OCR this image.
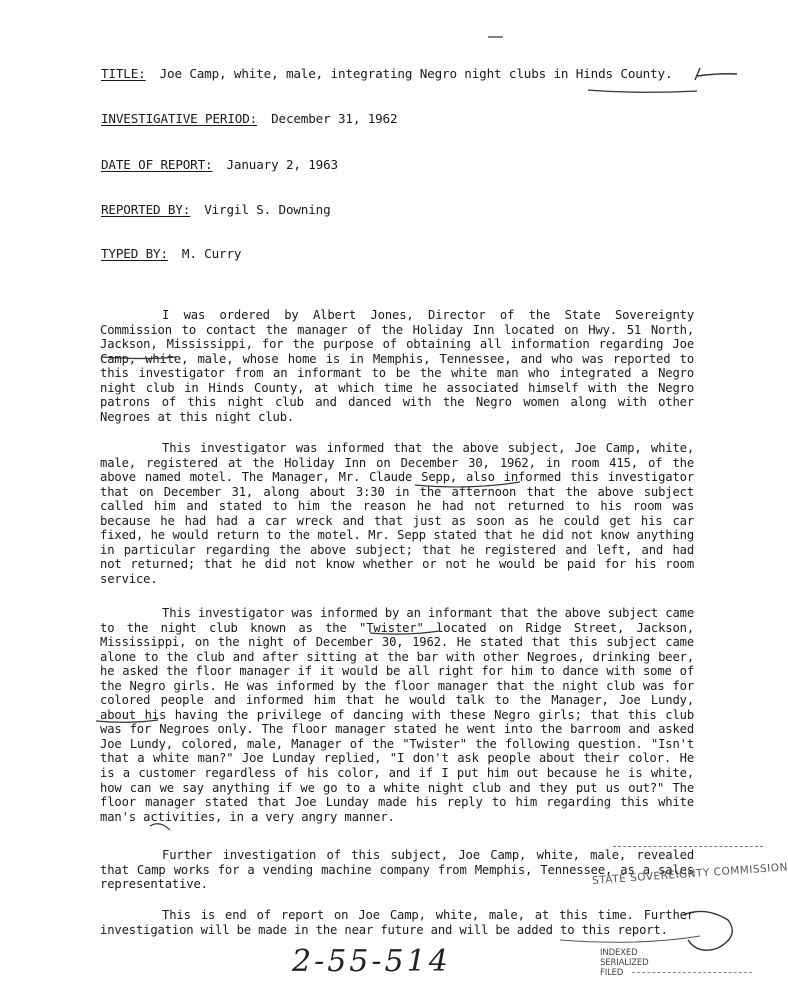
TITLE: Joe Camp, white, male, integrating Negro night clubs in Hinds County.
INVESTIGATIVE PERIOD: December 31, 1962
DATE OF REPORT: January 2, 1963
REPORTED BY: Virgil S. Downing
TYPED BY: M. Curry

I was ordered by Albert Jones, Director of the State Sovereignty Commission to contact the manager of the Holiday Inn located on Hwy. 51 North, Jackson, Mississippi, for the purpose of obtaining all information regarding Joe Camp, white, male, whose home is in Memphis, Tennessee, and who was reported to this investigator from an informant to be the white man who integrated a Negro night club in Hinds County, at which time he associated himself with the Negro patrons of this night club and danced with the Negro women along with other Negroes at this night club.

This investigator was informed that the above subject, Joe Camp, white, male, registered at the Holiday Inn on December 30, 1962, in room 415, of the above named motel. The Manager, Mr. Claude Sepp, also informed this investigator that on December 31, along about 3:30 in the afternoon that the above subject called him and stated to him the reason he had not returned to his room was because he had had a car wreck and that just as soon as he could get his car fixed, he would return to the motel. Mr. Sepp stated that he did not know anything in particular regarding the above subject; that he registered and left, and had not returned; that he did not know whether or not he would be paid for his room service.

This investigator was informed by an informant that the above subject came to the night club known as the "Twister" located on Ridge Street, Jackson, Mississippi, on the night of December 30, 1962. He stated that this subject came alone to the club and after sitting at the bar with other Negroes, drinking beer, he asked the floor manager if it would be all right for him to dance with some of the Negro girls. He was informed by the floor manager that the night club was for colored people and informed him that he would talk to the Manager, Joe Lundy, about his having the privilege of dancing with these Negro girls; that this club was for Negroes only. The floor manager stated he went into the barroom and asked Joe Lundy, colored, male, Manager of the "Twister" the following question. "Isn't that a white man?" Joe Lunday replied, "I don't ask people about their color. He is a customer regardless of his color, and if I put him out because he is white, how can we say anything if we go to a white night club and they put us out?" The floor manager stated that Joe Lunday made his reply to him regarding this white man's activities, in a very angry manner.

Further investigation of this subject, Joe Camp, white, male, revealed that Camp works for a vending machine company from Memphis, Tennessee, as a sales representative.

This is end of report on Joe Camp, white, male, at this time. Further investigation will be made in the near future and will be added to this report.

STATE SOVEREIGNTY COMMISSION
INDEXED
SERIALIZED
FILED
2-55-514
